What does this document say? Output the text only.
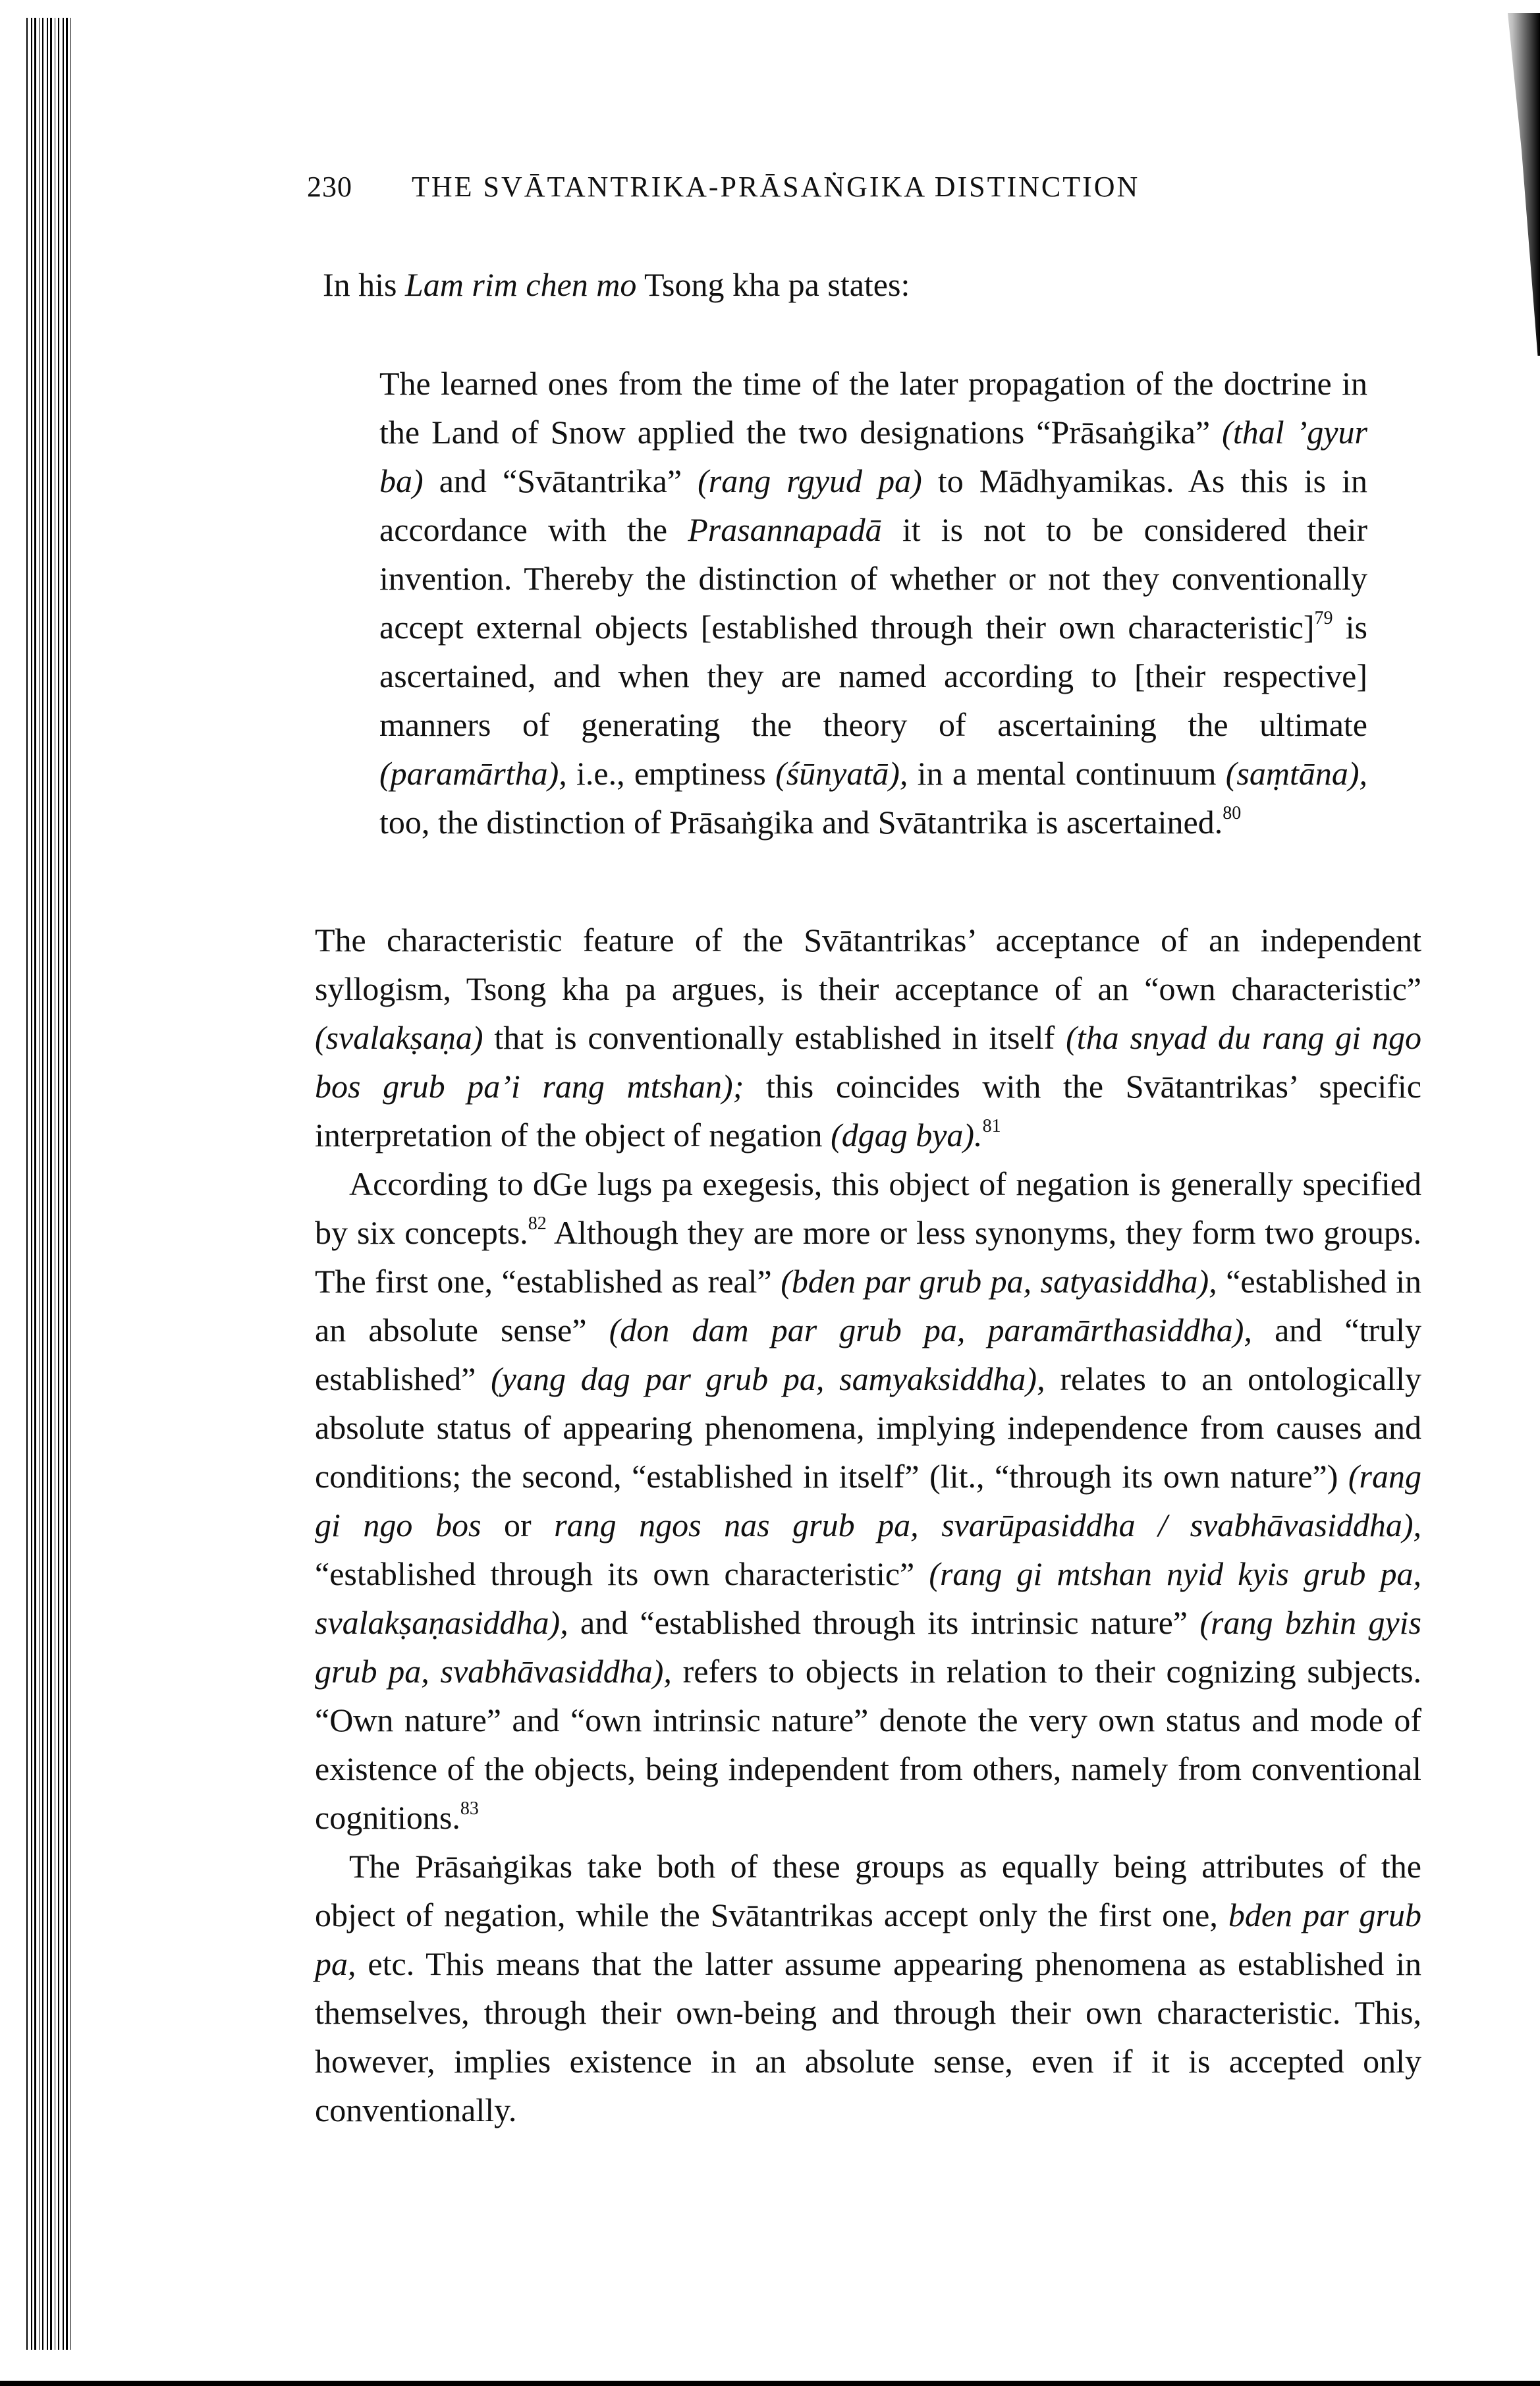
230 THE SVĀTANTRIKA-PRĀSAṄGIKA DISTINCTION

In his Lam rim chen mo Tsong kha pa states:

The learned ones from the time of the later propagation of the doctrine in the Land of Snow applied the two designations “Prāsaṅgika” (thal ’gyur ba) and “Svātantrika” (rang rgyud pa) to Mādhyamikas. As this is in accordance with the Prasannapadā it is not to be considered their invention. Thereby the distinction of whether or not they conventionally accept external objects [established through their own characteristic]$^{79}$ is ascertained, and when they are named according to [their respective] manners of generating the theory of ascertaining the ultimate (paramārtha), i.e., emptiness (śūnyatā), in a mental continuum (saṃtāna), too, the distinction of Prāsaṅgika and Svātantrika is ascertained.$^{80}$

The characteristic feature of the Svātantrikas’ acceptance of an independent syllogism, Tsong kha pa argues, is their acceptance of an “own characteristic” (svalakṣaṇa) that is conventionally established in itself (tha snyad du rang gi ngo bos grub pa’i rang mtshan); this coincides with the Svātantrikas’ specific interpretation of the object of negation (dgag bya).$^{81}$

According to dGe lugs pa exegesis, this object of negation is generally specified by six concepts.$^{82}$ Although they are more or less synonyms, they form two groups. The first one, “established as real” (bden par grub pa, satyasiddha), “established in an absolute sense” (don dam par grub pa, paramārthasiddha), and “truly established” (yang dag par grub pa, samyaksiddha), relates to an ontologically absolute status of appearing phenomena, implying independence from causes and conditions; the second, “established in itself” (lit., “through its own nature”) (rang gi ngo bos or rang ngos nas grub pa, svarūpasiddha / svabhāvasiddha), “established through its own characteristic” (rang gi mtshan nyid kyis grub pa, svalakṣaṇasiddha), and “established through its intrinsic nature” (rang bzhin gyis grub pa, svabhāvasiddha), refers to objects in relation to their cognizing subjects. “Own nature” and “own intrinsic nature” denote the very own status and mode of existence of the objects, being independent from others, namely from conventional cognitions.$^{83}$

The Prāsaṅgikas take both of these groups as equally being attributes of the object of negation, while the Svātantrikas accept only the first one, bden par grub pa, etc. This means that the latter assume appearing phenomena as established in themselves, through their own-being and through their own characteristic. This, however, implies existence in an absolute sense, even if it is accepted only conventionally.
